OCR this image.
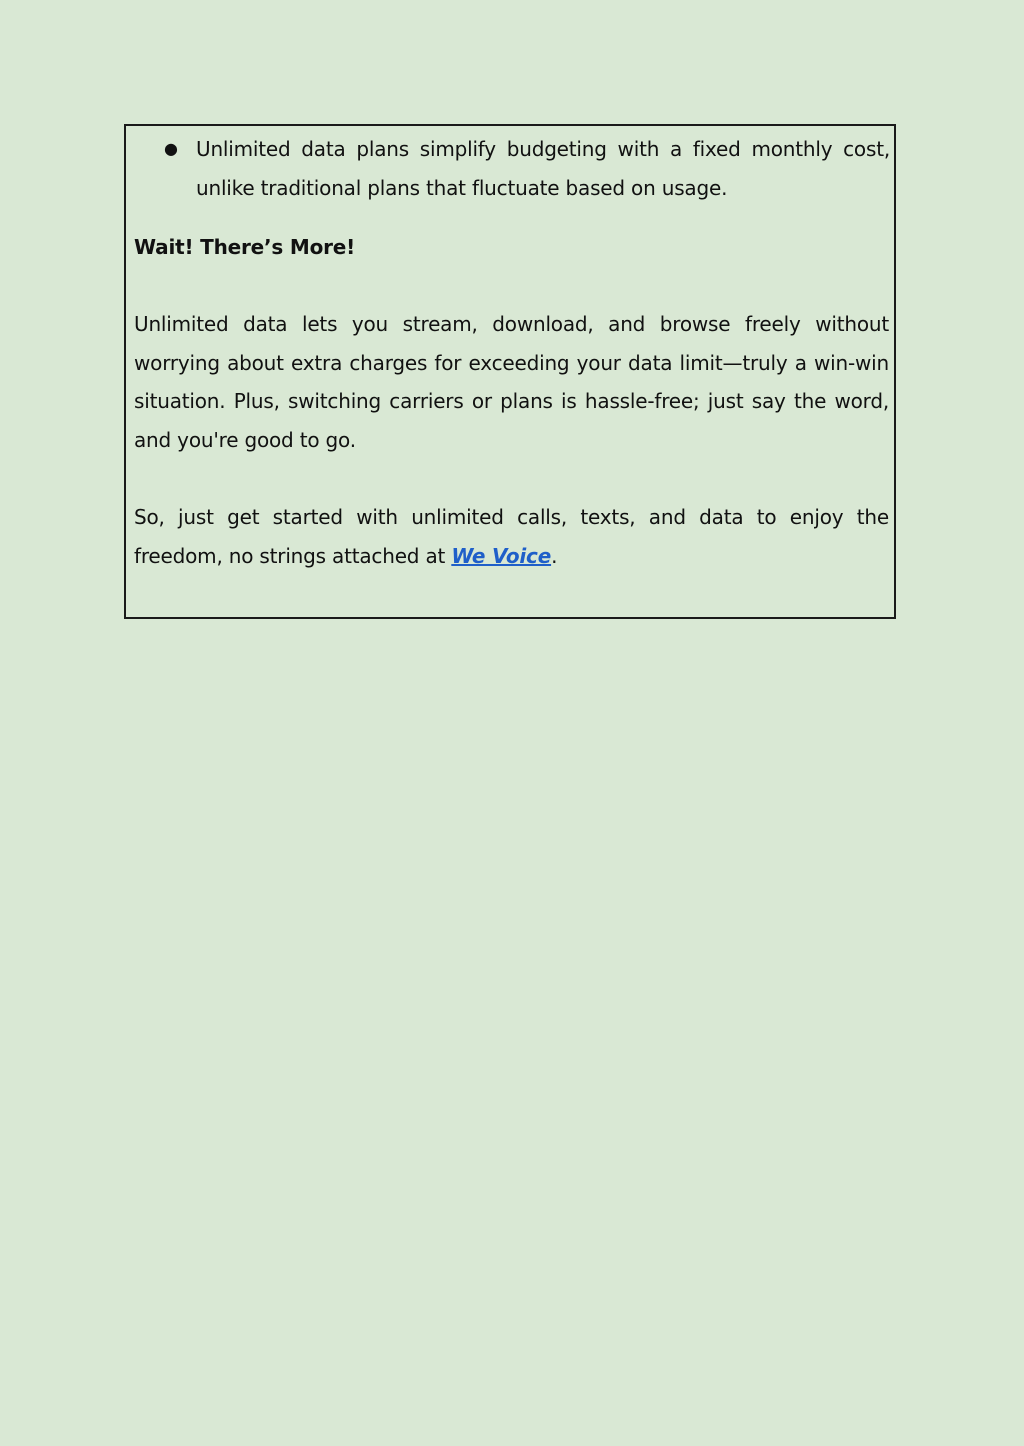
● Unlimited data plans simplify budgeting with a fixed monthly cost, unlike traditional plans that fluctuate based on usage.

Wait! There’s More!

Unlimited data lets you stream, download, and browse freely without worrying about extra charges for exceeding your data limit—truly a win-win situation. Plus, switching carriers or plans is hassle-free; just say the word, and you're good to go.

So, just get started with unlimited calls, texts, and data to enjoy the freedom, no strings attached at We Voice.
